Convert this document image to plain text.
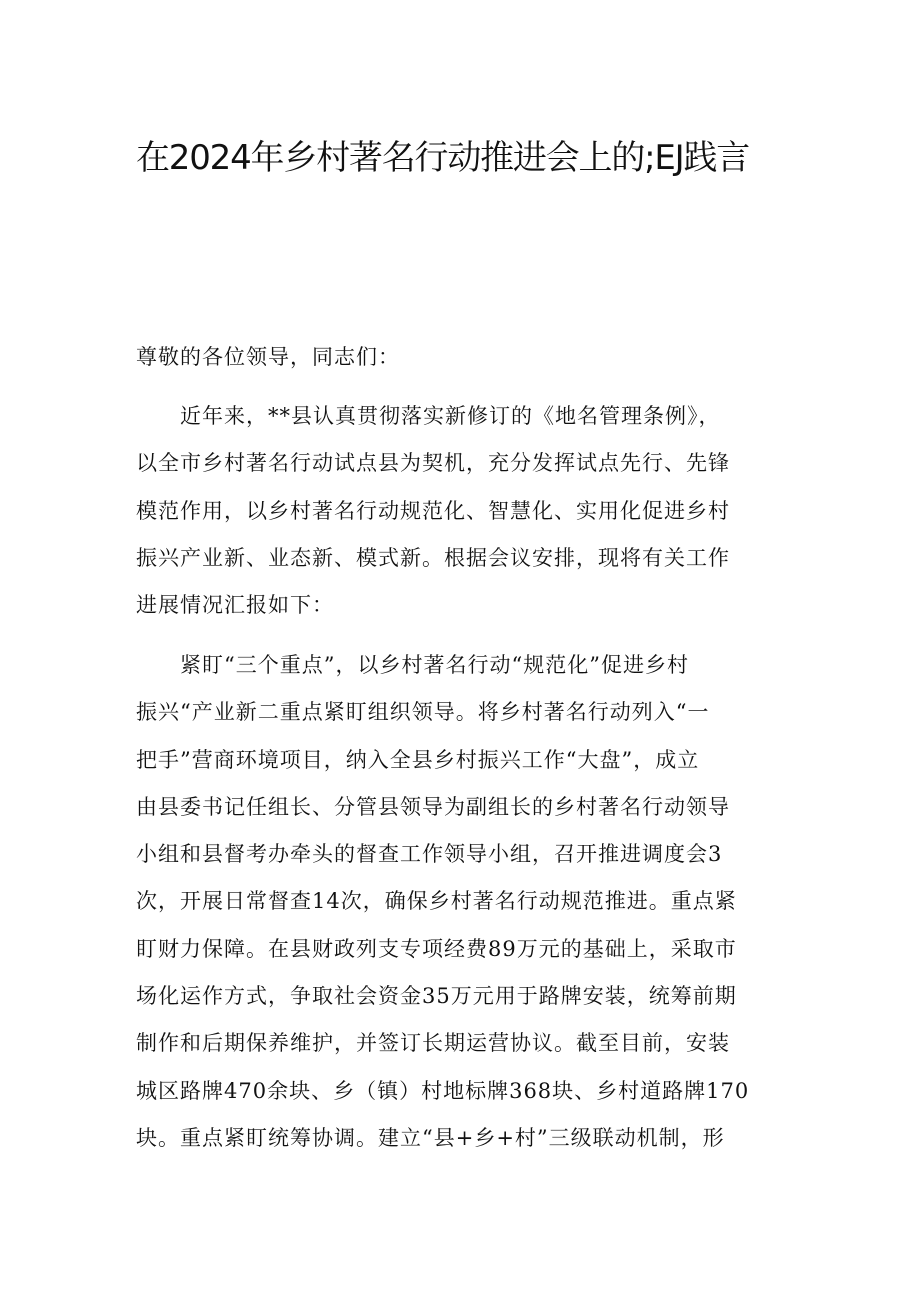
在2024年乡村著名行动推进会上的;EJ践言

尊敬的各位领导，同志们：

近年来，**县认真贯彻落实新修订的《地名管理条例》，
以全市乡村著名行动试点县为契机，充分发挥试点先行、先锋
模范作用，以乡村著名行动规范化、智慧化、实用化促进乡村
振兴产业新、业态新、模式新。根据会议安排，现将有关工作
进展情况汇报如下：
紧盯“三个重点”，以乡村著名行动“规范化”促进乡村
振兴“产业新二重点紧盯组织领导。将乡村著名行动列入“一
把手”营商环境项目，纳入全县乡村振兴工作“大盘”，成立
由县委书记任组长、分管县领导为副组长的乡村著名行动领导
小组和县督考办牵头的督查工作领导小组，召开推进调度会3
次，开展日常督查14次，确保乡村著名行动规范推进。重点紧
盯财力保障。在县财政列支专项经费89万元的基础上，采取市
场化运作方式，争取社会资金35万元用于路牌安装，统筹前期
制作和后期保养维护，并签订长期运营协议。截至目前，安装
城区路牌470余块、乡（镇）村地标牌368块、乡村道路牌170
块。重点紧盯统筹协调。建立“县+乡+村”三级联动机制，形
